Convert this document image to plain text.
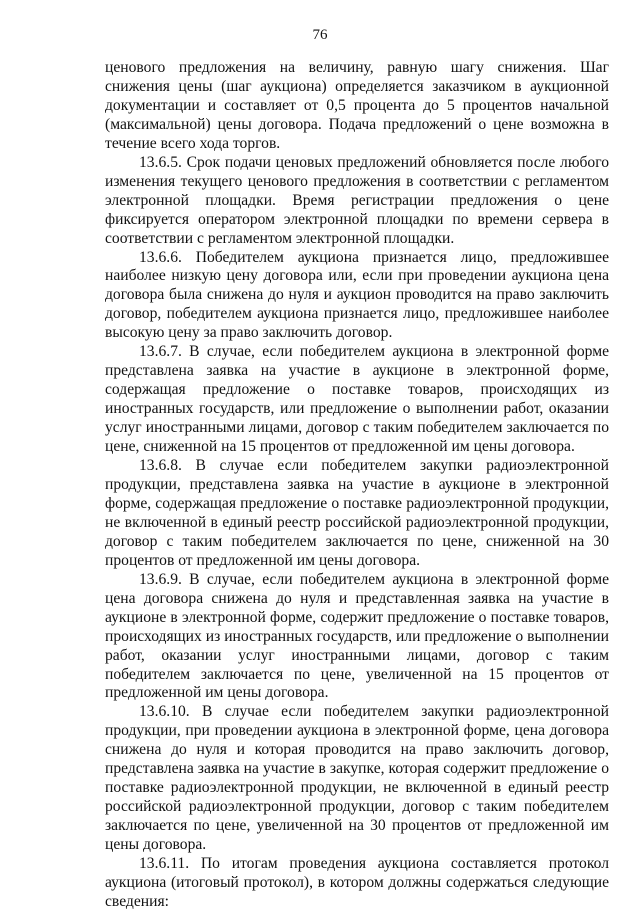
76

ценового предложения на величину, равную шагу снижения. Шаг снижения цены (шаг аукциона) определяется заказчиком в аукционной документации и составляет от 0,5 процента до 5 процентов начальной (максимальной) цены договора. Подача предложений о цене возможна в течение всего хода торгов.

13.6.5. Срок подачи ценовых предложений обновляется после любого изменения текущего ценового предложения в соответствии с регламентом электронной площадки. Время регистрации предложения о цене фиксируется оператором электронной площадки по времени сервера в соответствии с регламентом электронной площадки.

13.6.6. Победителем аукциона признается лицо, предложившее наиболее низкую цену договора или, если при проведении аукциона цена договора была снижена до нуля и аукцион проводится на право заключить договор, победителем аукциона признается лицо, предложившее наиболее высокую цену за право заключить договор.

13.6.7. В случае, если победителем аукциона в электронной форме представлена заявка на участие в аукционе в электронной форме, содержащая предложение о поставке товаров, происходящих из иностранных государств, или предложение о выполнении работ, оказании услуг иностранными лицами, договор с таким победителем заключается по цене, сниженной на 15 процентов от предложенной им цены договора.

13.6.8. В случае если победителем закупки радиоэлектронной продукции, представлена заявка на участие в аукционе в электронной форме, содержащая предложение о поставке радиоэлектронной продукции, не включенной в единый реестр российской радиоэлектронной продукции, договор с таким победителем заключается по цене, сниженной на 30 процентов от предложенной им цены договора.

13.6.9. В случае, если победителем аукциона в электронной форме цена договора снижена до нуля и представленная заявка на участие в аукционе в электронной форме, содержит предложение о поставке товаров, происходящих из иностранных государств, или предложение о выполнении работ, оказании услуг иностранными лицами, договор с таким победителем заключается по цене, увеличенной на 15 процентов от предложенной им цены договора.

13.6.10. В случае если победителем закупки радиоэлектронной продукции, при проведении аукциона в электронной форме, цена договора снижена до нуля и которая проводится на право заключить договор, представлена заявка на участие в закупке, которая содержит предложение о поставке радиоэлектронной продукции, не включенной в единый реестр российской радиоэлектронной продукции, договор с таким победителем заключается по цене, увеличенной на 30 процентов от предложенной им цены договора.

13.6.11. По итогам проведения аукциона составляется протокол аукциона (итоговый протокол), в котором должны содержаться следующие сведения:
